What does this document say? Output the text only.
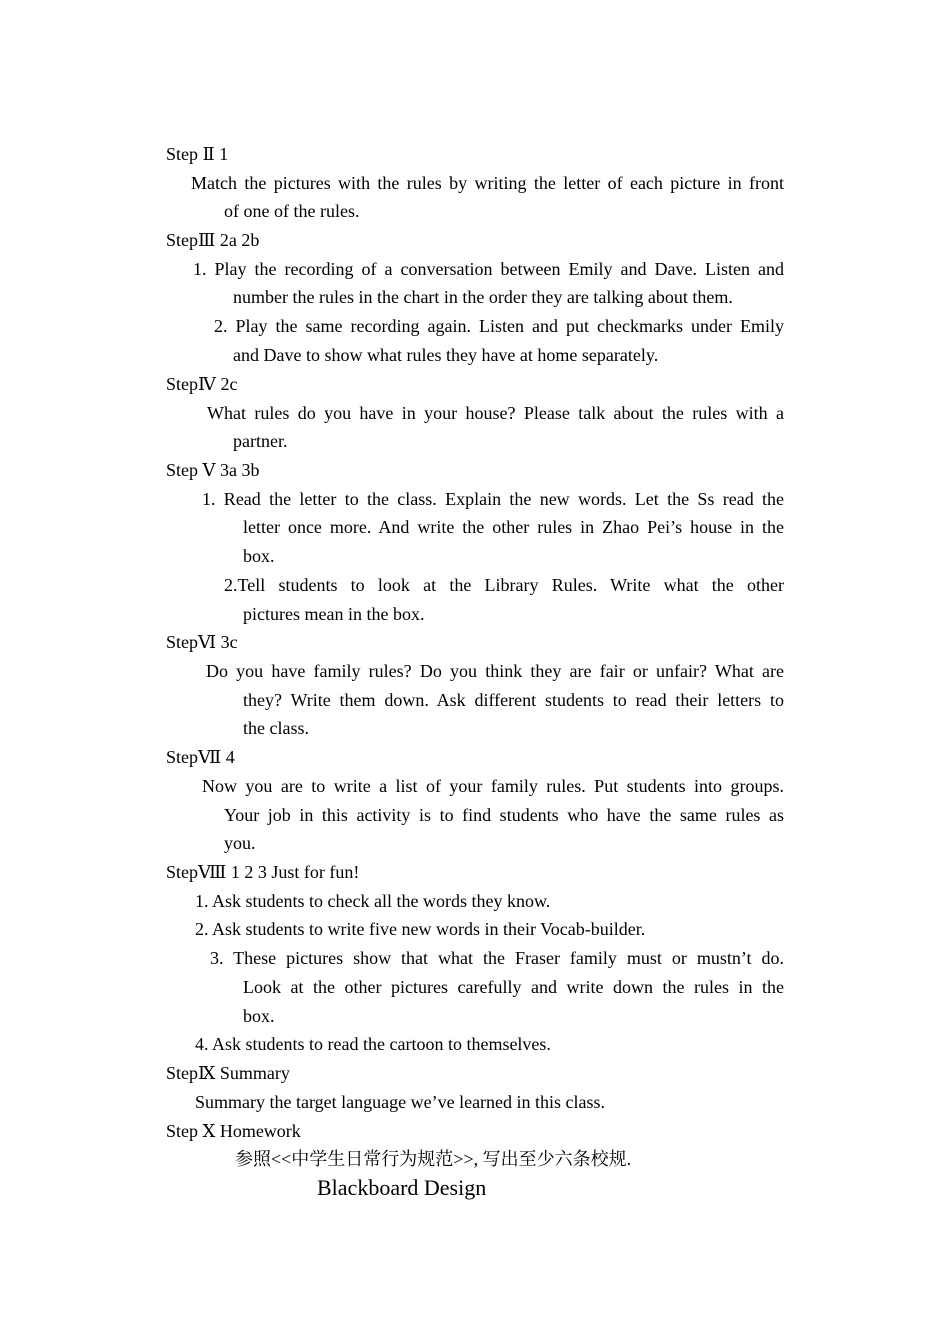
Step Ⅱ 1
Match the pictures with the rules by writing the letter of each picture in front
of one of the rules.
StepⅢ 2a 2b
1. Play the recording of a conversation between Emily and Dave. Listen and
number the rules in the chart in the order they are talking about them.
2. Play the same recording again. Listen and put checkmarks under Emily
and Dave to show what rules they have at home separately.
StepⅣ 2c
What rules do you have in your house? Please talk about the rules with a
partner.
Step Ⅴ 3a 3b
1. Read the letter to the class. Explain the new words. Let the Ss read the
letter once more. And write the other rules in Zhao Pei’s house in the
box.
2.Tell students to look at the Library Rules. Write what the other
pictures mean in the box.
StepⅥ 3c
Do you have family rules? Do you think they are fair or unfair? What are
they? Write them down. Ask different students to read their letters to
the class.
StepⅦ 4
Now you are to write a list of your family rules. Put students into groups.
Your job in this activity is to find students who have the same rules as
you.
StepⅧ 1 2 3 Just for fun!
1. Ask students to check all the words they know.
2. Ask students to write five new words in their Vocab-builder.
3. These pictures show that what the Fraser family must or mustn’t do.
Look at the other pictures carefully and write down the rules in the
box.
4. Ask students to read the cartoon to themselves.
StepⅨ Summary
Summary the target language we’ve learned in this class.
Step Ⅹ Homework
参照<<中学生日常行为规范>>, 写出至少六条校规.
Blackboard Design
